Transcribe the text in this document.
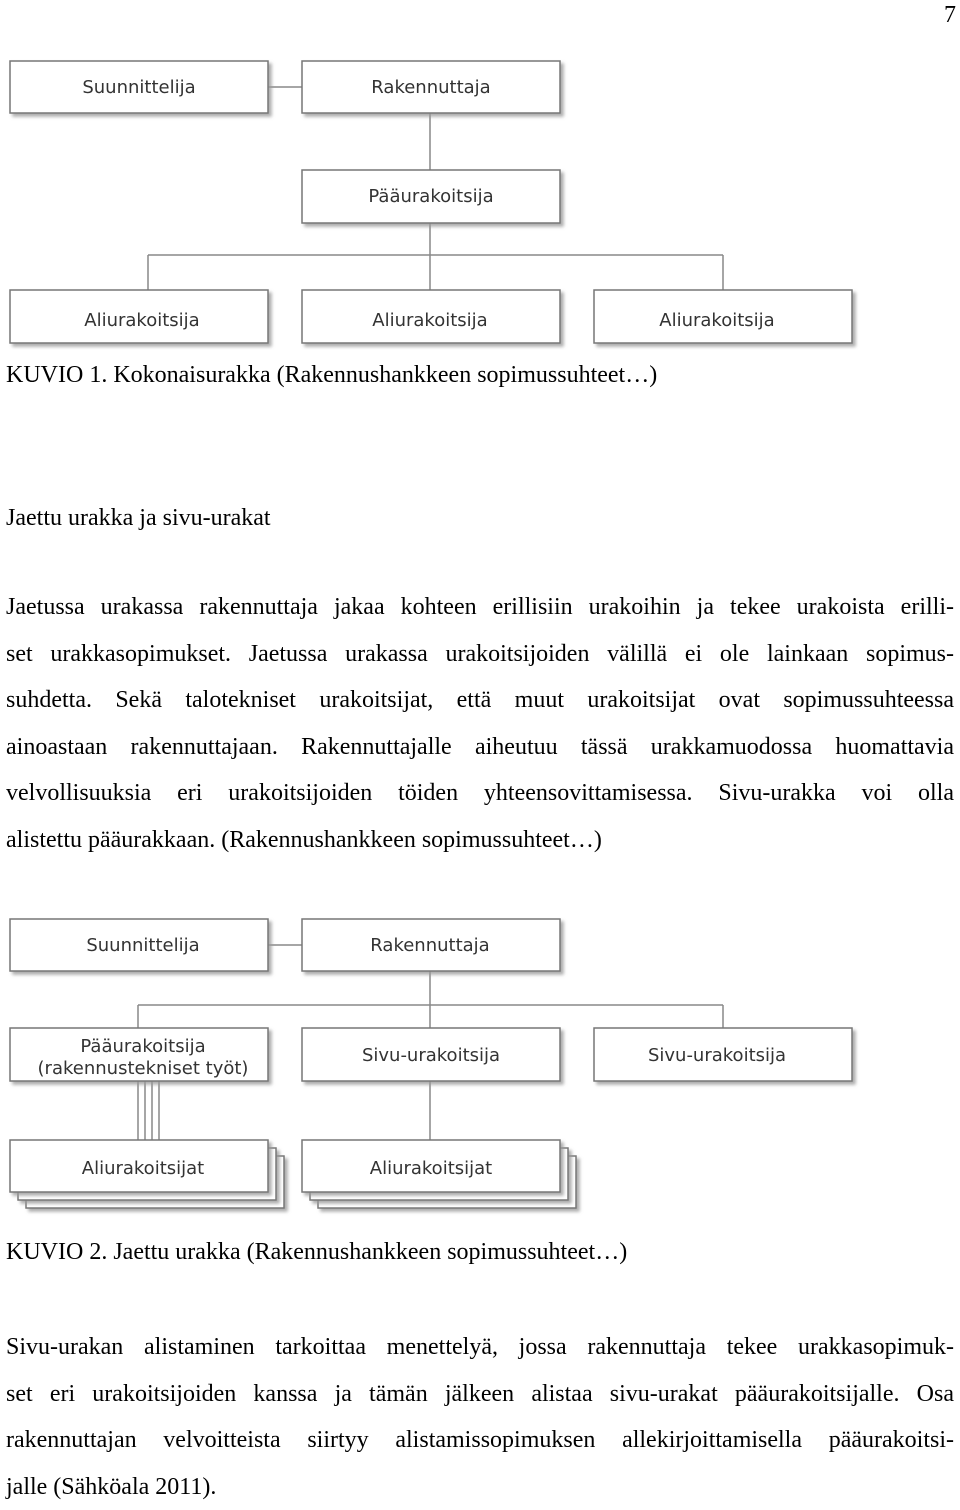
7
Suunnittelija	Rakennuttaja
Pääurakoitsija
Aliurakoitsija	Aliurakoitsija	Aliurakoitsija
KUVIO 1. Kokonaisurakka (Rakennushankkeen sopimussuhteet…)
Jaettu urakka ja sivu-urakat
Jaetussa urakassa rakennuttaja jakaa kohteen erillisiin urakoihin ja tekee urakoista erilli-
set urakkasopimukset. Jaetussa urakassa urakoitsijoiden välillä ei ole lainkaan sopimus-
suhdetta. Sekä talotekniset urakoitsijat, että muut urakoitsijat ovat sopimussuhteessa
ainoastaan rakennuttajaan. Rakennuttajalle aiheutuu tässä urakkamuodossa huomattavia
velvollisuuksia eri urakoitsijoiden töiden yhteensovittamisessa. Sivu-urakka voi olla
alistettu pääurakkaan. (Rakennushankkeen sopimussuhteet…)
Suunnittelija	Rakennuttaja
Pääurakoitsija
(rakennustekniset työt)
Sivu-urakoitsija	Sivu-urakoitsija
Aliurakoitsijat	Aliurakoitsijat
KUVIO 2. Jaettu urakka (Rakennushankkeen sopimussuhteet…)
Sivu-urakan alistaminen tarkoittaa menettelyä, jossa rakennuttaja tekee urakkasopimuk-
set eri urakoitsijoiden kanssa ja tämän jälkeen alistaa sivu-urakat pääurakoitsijalle. Osa
rakennuttajan velvoitteista siirtyy alistamissopimuksen allekirjoittamisella pääurakoitsi-
jalle (Sähköala 2011).
